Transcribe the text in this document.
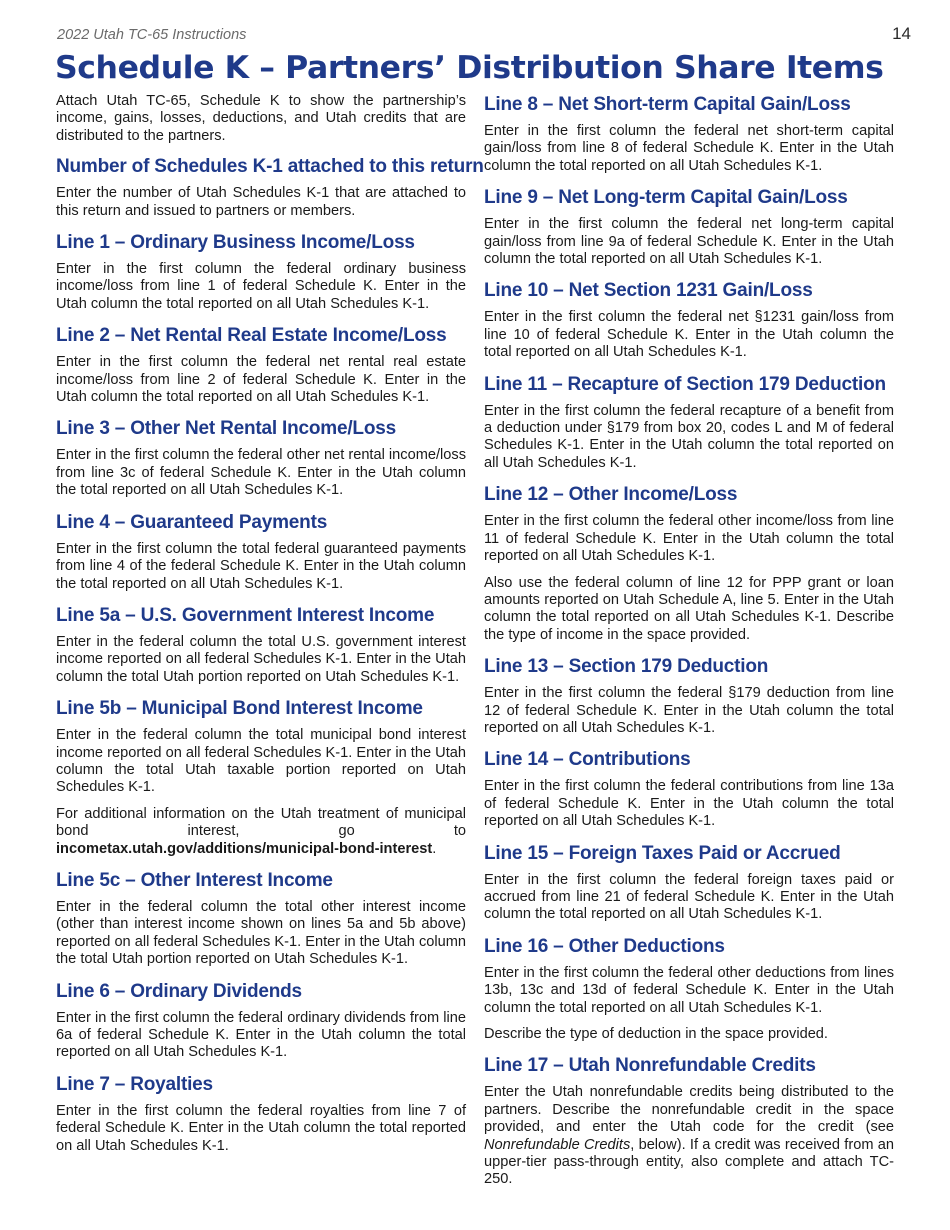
2022 Utah TC-65 Instructions	14
Schedule K – Partners’ Distribution Share Items

Attach Utah TC-65, Schedule K to show the partnership’s income, gains, losses, deductions, and Utah credits that are distributed to the partners.

Number of Schedules K-1 attached to this return

Enter the number of Utah Schedules K-1 that are attached to this return and issued to partners or members.

Line 1 – Ordinary Business Income/Loss

Enter in the first column the federal ordinary business income/loss from line 1 of federal Schedule K. Enter in the Utah column the total reported on all Utah Schedules K-1.

Line 2 – Net Rental Real Estate Income/Loss

Enter in the first column the federal net rental real estate income/loss from line 2 of federal Schedule K. Enter in the Utah column the total reported on all Utah Schedules K-1.

Line 3 – Other Net Rental Income/Loss

Enter in the first column the federal other net rental income/loss from line 3c of federal Schedule K. Enter in the Utah column the total reported on all Utah Schedules K-1.

Line 4 – Guaranteed Payments

Enter in the first column the total federal guaranteed payments from line 4 of the federal Schedule K. Enter in the Utah column the total reported on all Utah Schedules K-1.

Line 5a – U.S. Government Interest Income

Enter in the federal column the total U.S. government interest income reported on all federal Schedules K-1. Enter in the Utah column the total Utah portion reported on Utah Schedules K-1.

Line 5b – Municipal Bond Interest Income

Enter in the federal column the total municipal bond interest income reported on all federal Schedules K-1. Enter in the Utah column the total Utah taxable portion reported on Utah Schedules K-1.

For additional information on the Utah treatment of municipal bond interest, go to incometax.utah.gov/additions/municipal-bond-interest.

Line 5c – Other Interest Income

Enter in the federal column the total other interest income (other than interest income shown on lines 5a and 5b above) reported on all federal Schedules K-1. Enter in the Utah column the total Utah portion reported on Utah Schedules K-1.

Line 6 – Ordinary Dividends

Enter in the first column the federal ordinary dividends from line 6a of federal Schedule K. Enter in the Utah column the total reported on all Utah Schedules K-1.

Line 7 – Royalties

Enter in the first column the federal royalties from line 7 of federal Schedule K. Enter in the Utah column the total reported on all Utah Schedules K-1.

Line 8 – Net Short-term Capital Gain/Loss

Enter in the first column the federal net short-term capital gain/loss from line 8 of federal Schedule K. Enter in the Utah column the total reported on all Utah Schedules K-1.

Line 9 – Net Long-term Capital Gain/Loss

Enter in the first column the federal net long-term capital gain/loss from line 9a of federal Schedule K. Enter in the Utah column the total reported on all Utah Schedules K-1.

Line 10 – Net Section 1231 Gain/Loss

Enter in the first column the federal net §1231 gain/loss from line 10 of federal Schedule K. Enter in the Utah column the total reported on all Utah Schedules K-1.

Line 11 – Recapture of Section 179 Deduction

Enter in the first column the federal recapture of a benefit from a deduction under §179 from box 20, codes L and M of federal Schedules K-1. Enter in the Utah column the total reported on all Utah Schedules K-1.

Line 12 – Other Income/Loss

Enter in the first column the federal other income/loss from line 11 of federal Schedule K. Enter in the Utah column the total reported on all Utah Schedules K-1.

Also use the federal column of line 12 for PPP grant or loan amounts reported on Utah Schedule A, line 5. Enter in the Utah column the total reported on all Utah Schedules K-1. Describe the type of income in the space provided.

Line 13 – Section 179 Deduction

Enter in the first column the federal §179 deduction from line 12 of federal Schedule K. Enter in the Utah column the total reported on all Utah Schedules K-1.

Line 14 – Contributions

Enter in the first column the federal contributions from line 13a of federal Schedule K. Enter in the Utah column the total reported on all Utah Schedules K-1.

Line 15 – Foreign Taxes Paid or Accrued

Enter in the first column the federal foreign taxes paid or accrued from line 21 of federal Schedule K. Enter in the Utah column the total reported on all Utah Schedules K-1.

Line 16 – Other Deductions

Enter in the first column the federal other deductions from lines 13b, 13c and 13d of federal Schedule K. Enter in the Utah column the total reported on all Utah Schedules K-1.

Describe the type of deduction in the space provided.

Line 17 – Utah Nonrefundable Credits

Enter the Utah nonrefundable credits being distributed to the partners. Describe the nonrefundable credit in the space provided, and enter the Utah code for the credit (see Nonrefundable Credits, below). If a credit was received from an upper-tier pass-through entity, also complete and attach TC-250.
